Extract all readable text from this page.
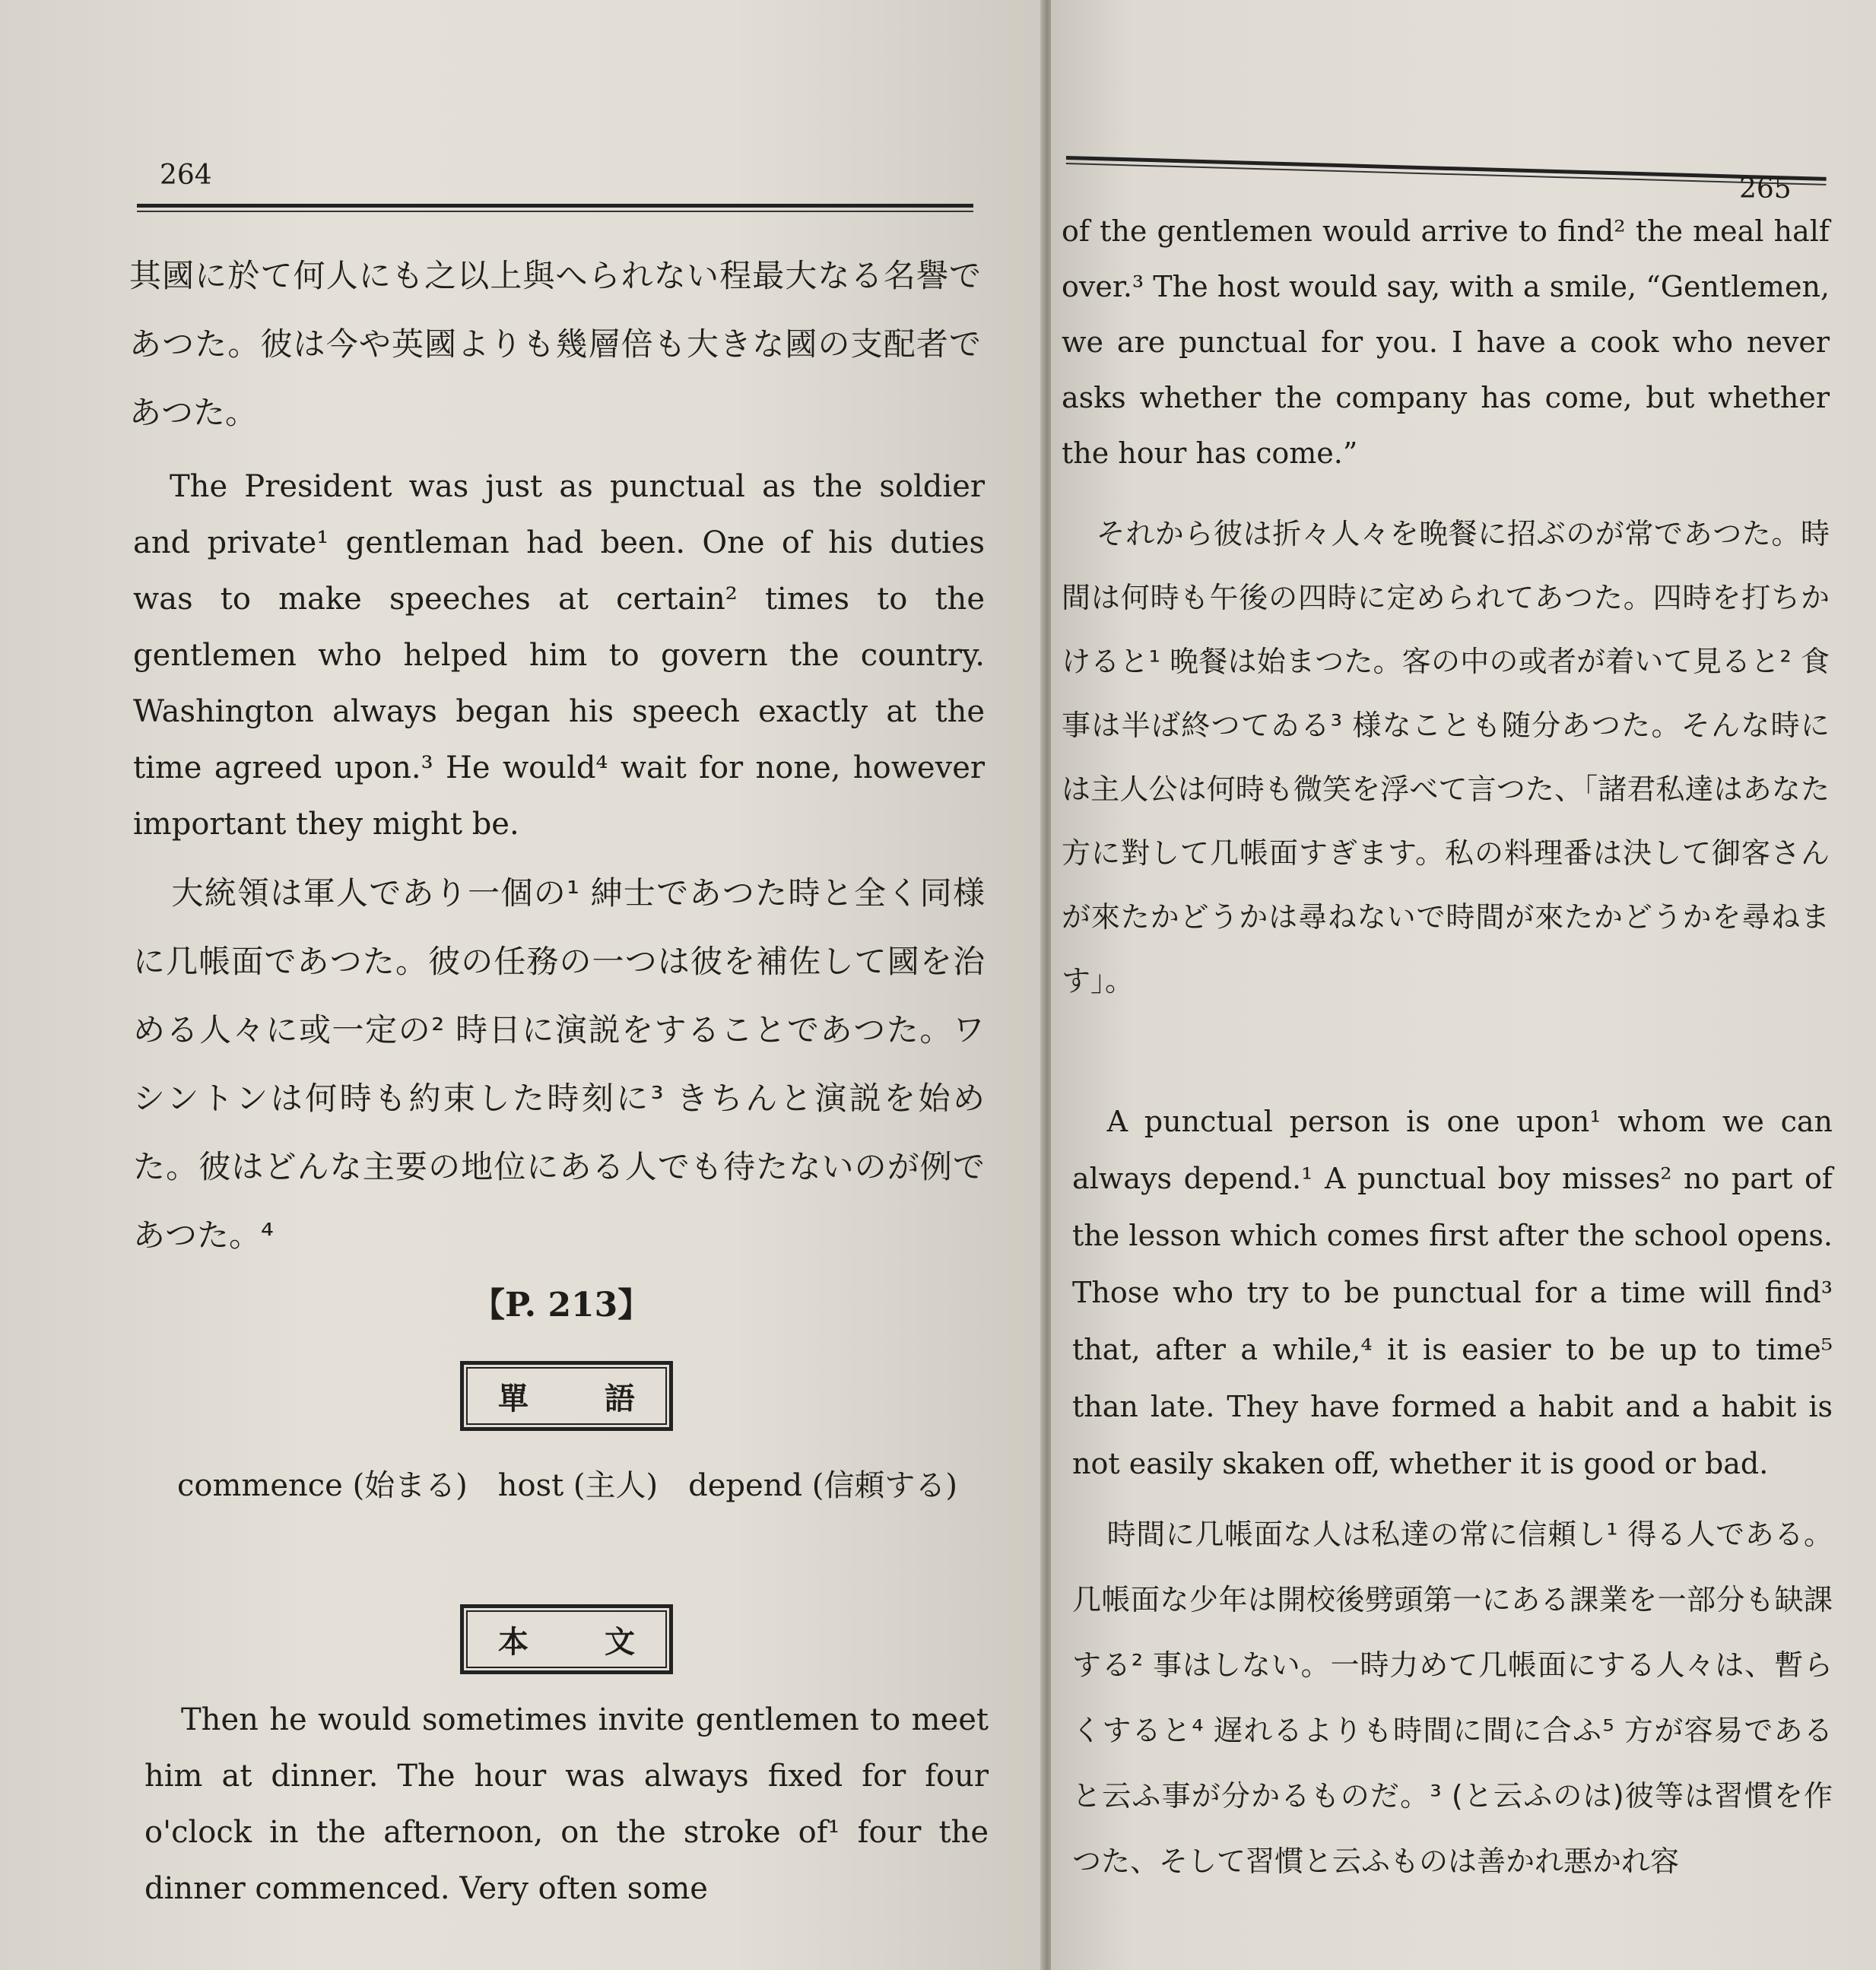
264
其國に於て何人にも之以上與へられない程最大なる名譽であつた。彼は今や英國よりも幾層倍も大きな國の支配者であつた。
The President was just as punctual as the soldier and private¹ gentleman had been. One of his duties was to make speeches at certain² times to the gentlemen who helped him to govern the country. Washington always began his speech exactly at the time agreed upon.³ He would⁴ wait for none, however important they might be.
大統領は軍人であり一個の¹ 紳士であつた時と全く同様に几帳面であつた。彼の任務の一つは彼を補佐して國を治める人々に或一定の² 時日に演説をすることであつた。ワシントンは何時も約束した時刻に³ きちんと演説を始めた。彼はどんな主要の地位にある人でも待たないのが例であつた。⁴
【P. 213】
單	語
commence (始まる)　host (主人)　depend (信頼する)
本	文
Then he would sometimes invite gentlemen to meet him at dinner. The hour was always fixed for four o'clock in the afternoon, on the stroke of¹ four the dinner commenced. Very often some
265
of the gentlemen would arrive to find² the meal half over.³ The host would say, with a smile, “Gentlemen, we are punctual for you. I have a cook who never asks whether the company has come, but whether the hour has come.”
それから彼は折々人々を晩餐に招ぶのが常であつた。時間は何時も午後の四時に定められてあつた。四時を打ちかけると¹ 晩餐は始まつた。客の中の或者が着いて見ると² 食事は半ば終つてゐる³ 様なことも随分あつた。そんな時には主人公は何時も微笑を浮べて言つた、「諸君私達はあなた方に對して几帳面すぎます。私の料理番は決して御客さんが來たかどうかは尋ねないで時間が來たかどうかを尋ねます」。
A punctual person is one upon¹ whom we can always depend.¹ A punctual boy misses² no part of the lesson which comes first after the school opens. Those who try to be punctual for a time will find³ that, after a while,⁴ it is easier to be up to time⁵ than late. They have formed a habit and a habit is not easily skaken off, whether it is good or bad.
時間に几帳面な人は私達の常に信頼し¹ 得る人である。几帳面な少年は開校後劈頭第一にある課業を一部分も缺課する² 事はしない。一時力めて几帳面にする人々は、暫らくすると⁴ 遅れるよりも時間に間に合ふ⁵ 方が容易であると云ふ事が分かるものだ。³ (と云ふのは)彼等は習慣を作つた、そして習慣と云ふものは善かれ悪かれ容
